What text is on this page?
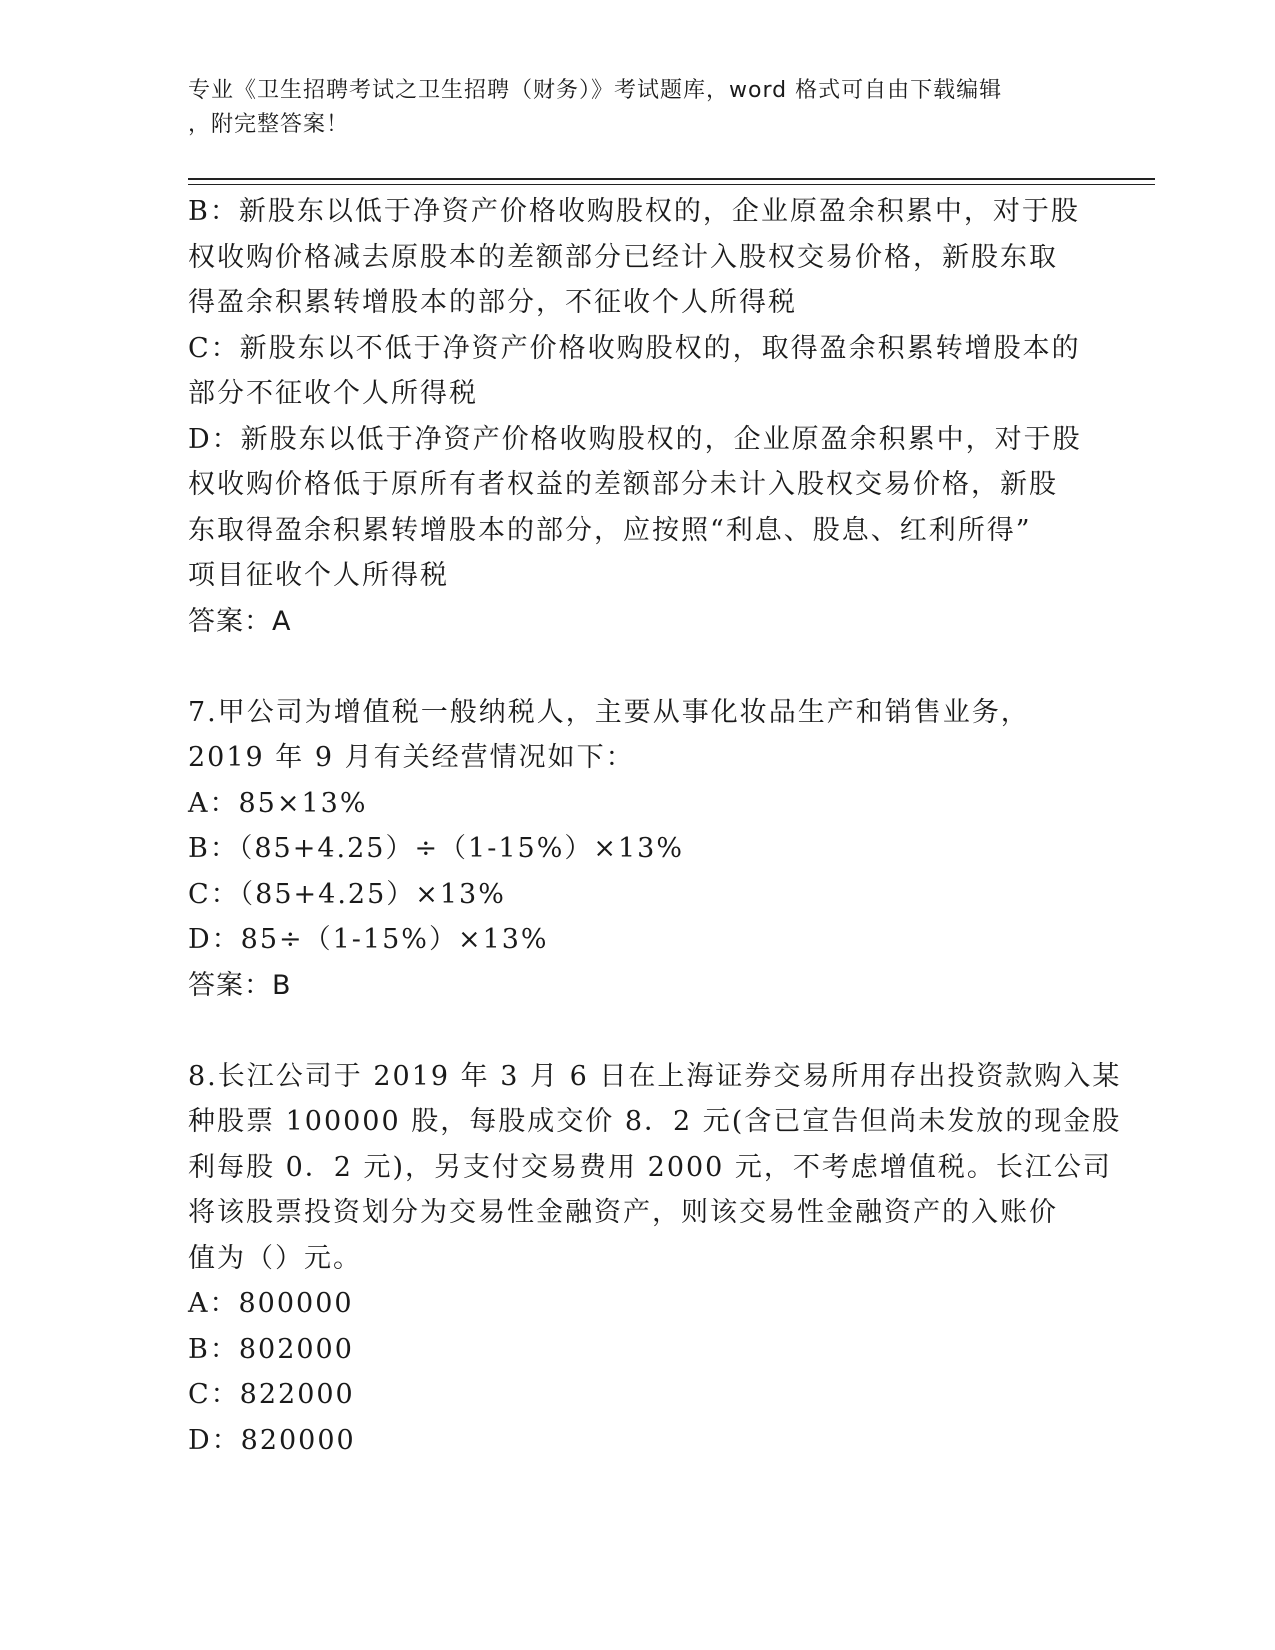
专业《卫生招聘考试之卫生招聘（财务）》考试题库，word 格式可自由下载编辑
，附完整答案！
B：新股东以低于净资产价格收购股权的，企业原盈余积累中，对于股
权收购价格减去原股本的差额部分已经计入股权交易价格，新股东取
得盈余积累转增股本的部分，不征收个人所得税
C：新股东以不低于净资产价格收购股权的，取得盈余积累转增股本的
部分不征收个人所得税
D：新股东以低于净资产价格收购股权的，企业原盈余积累中，对于股
权收购价格低于原所有者权益的差额部分未计入股权交易价格，新股
东取得盈余积累转增股本的部分，应按照“利息、股息、红利所得”
项目征收个人所得税
答案：A
7.甲公司为增值税一般纳税人，主要从事化妆品生产和销售业务，
2019 年 9 月有关经营情况如下：
A：85×13%
B：（85+4.25）÷（1-15%）×13%
C：（85+4.25）×13%
D：85÷（1-15%）×13%
答案：B
8.长江公司于 2019 年 3 月 6 日在上海证券交易所用存出投资款购入某
种股票 100000 股，每股成交价 8．2 元(含已宣告但尚未发放的现金股
利每股 0．2 元)，另支付交易费用 2000 元，不考虑增值税。长江公司
将该股票投资划分为交易性金融资产，则该交易性金融资产的入账价
值为（）元。
A：800000
B：802000
C：822000
D：820000
